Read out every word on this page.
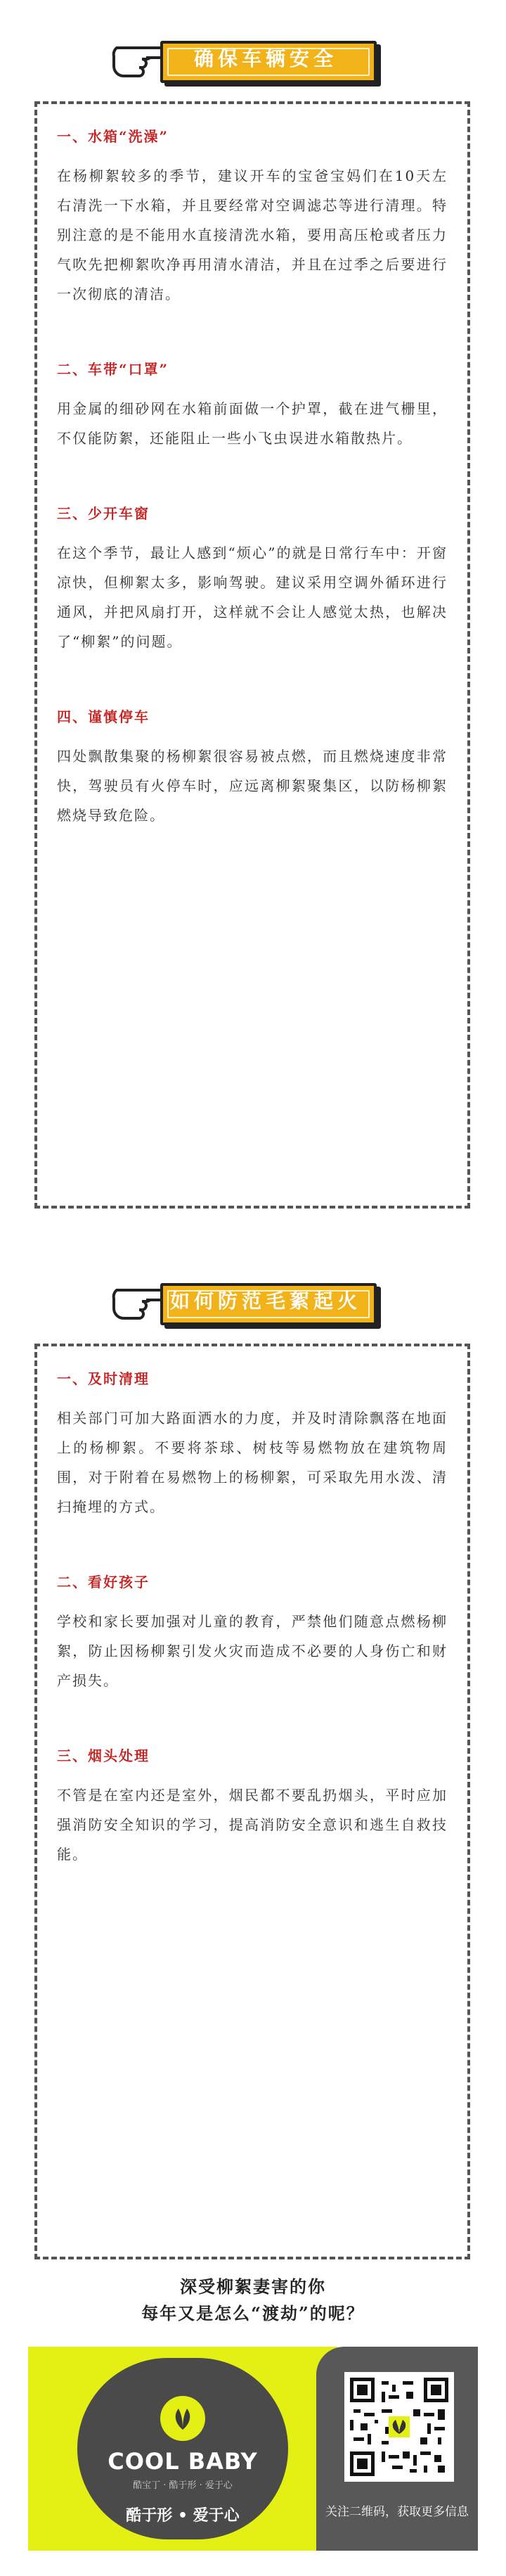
确保车辆安全
一、水箱“洗澡”
在杨柳絮较多的季节，建议开车的宝爸宝妈们在10天左右清洗一下水箱，并且要经常对空调滤芯等进行清理。特别注意的是不能用水直接清洗水箱，要用高压枪或者压力气吹先把柳絮吹净再用清水清洁，并且在过季之后要进行一次彻底的清洁。
二、车带“口罩”
用金属的细砂网在水箱前面做一个护罩，截在进气栅里，不仅能防絮，还能阻止一些小飞虫误进水箱散热片。
三、少开车窗
在这个季节，最让人感到“烦心”的就是日常行车中：开窗凉快，但柳絮太多，影响驾驶。建议采用空调外循环进行通风，并把风扇打开，这样就不会让人感觉太热，也解决了“柳絮”的问题。
四、谨慎停车
四处飘散集聚的杨柳絮很容易被点燃，而且燃烧速度非常快，驾驶员有火停车时，应远离柳絮聚集区，以防杨柳絮燃烧导致危险。
如何防范毛絮起火
一、及时清理
相关部门可加大路面洒水的力度，并及时清除飘落在地面上的杨柳絮。不要将茶球、树枝等易燃物放在建筑物周围，对于附着在易燃物上的杨柳絮，可采取先用水泼、清扫掩埋的方式。
二、看好孩子
学校和家长要加强对儿童的教育，严禁他们随意点燃杨柳絮，防止因杨柳絮引发火灾而造成不必要的人身伤亡和财产损失。
三、烟头处理
不管是在室内还是室外，烟民都不要乱扔烟头，平时应加强消防安全知识的学习，提高消防安全意识和逃生自救技能。
深受柳絮妻害的你
每年又是怎么“渡劫”的呢？
COOL BABY
酷宝丁 · 酷于形 · 爱于心
酷于形 • 爱于心	关注二维码，获取更多信息
